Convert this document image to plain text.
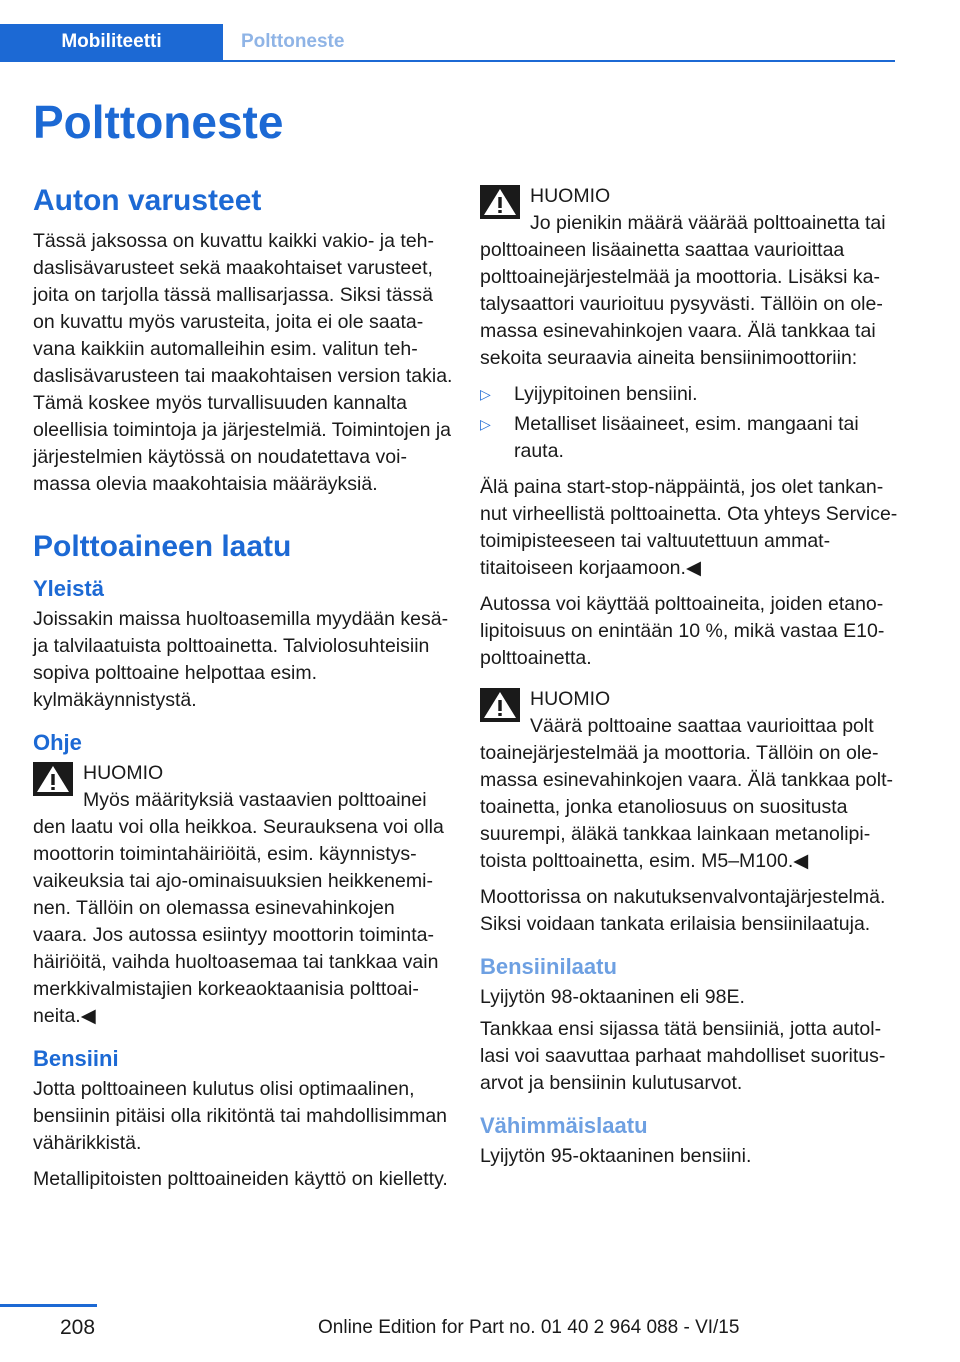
Mobiliteetti	Polttoneste
Polttoneste
Auton varusteet

Tässä jaksossa on kuvattu kaikki vakio- ja tehdaslisävarusteet sekä maakohtaiset varusteet, joita on tarjolla tässä mallisarjassa. Siksi tässä on kuvattu myös varusteita, joita ei ole saatavana kaikkiin automalleihin esim. valitun tehdaslisävarusteen tai maakohtaisen version takia. Tämä koskee myös turvallisuuden kannalta oleellisia toimintoja ja järjestelmiä. Toimintojen ja järjestelmien käytössä on noudatettava voimassa olevia maakohtaisia määräyksiä.

Polttoaineen laatu
Yleistä

Joissakin maissa huoltoasemilla myydään kesä- ja talvilaatuista polttoainetta. Talviolosuhteisiin sopiva polttoaine helpottaa esim. kylmäkäynnistystä.

Ohje
HUOMIO
Myös määrityksiä vastaavien polttoainei

den laatu voi olla heikkoa. Seurauksena voi olla moottorin toimintahäiriöitä, esim. käynnistysvaikeuksia tai ajo-ominaisuuksien heikkeneminen. Tällöin on olemassa esinevahinkojen vaara. Jos autossa esiintyy moottorin toimintahäiriöitä, vaihda huoltoasemaa tai tankkaa vain merkkivalmistajien korkeaoktaanisia polttoaineita.◀

Bensiini

Jotta polttoaineen kulutus olisi optimaalinen, bensiinin pitäisi olla rikitöntä tai mahdollisimman vähärikkistä.

Metallipitoisten polttoaineiden käyttö on kielletty.

HUOMIO
Jo pienikin määrä väärää polttoainetta tai

polttoaineen lisäainetta saattaa vaurioittaa polttoainejärjestelmää ja moottoria. Lisäksi katalysaattori vaurioituu pysyvästi. Tällöin on olemassa esinevahinkojen vaara. Älä tankkaa tai sekoita seuraavia aineita bensiinimoottoriin:

▷ Lyijypitoinen bensiini.
▷ Metalliset lisäaineet, esim. mangaani tai rauta.

Älä paina start-stop-näppäintä, jos olet tankannut virheellistä polttoainetta. Ota yhteys Service-toimipisteeseen tai valtuutettuun ammattitaitoiseen korjaamoon.◀

Autossa voi käyttää polttoaineita, joiden etanolipitoisuus on enintään 10 %, mikä vastaa E10-polttoainetta.

HUOMIO
Väärä polttoaine saattaa vaurioittaa polt

toainejärjestelmää ja moottoria. Tällöin on olemassa esinevahinkojen vaara. Älä tankkaa polttoainetta, jonka etanoliosuus on suositusta suurempi, äläkä tankkaa lainkaan metanolipitoista polttoainetta, esim. M5–M100.◀

Moottorissa on nakutuksenvalvontajärjestelmä. Siksi voidaan tankata erilaisia bensiinilaatuja.

Bensiinilaatu

Lyijytön 98-oktaaninen eli 98E.

Tankkaa ensi sijassa tätä bensiiniä, jotta autollasi voi saavuttaa parhaat mahdolliset suoritusarvot ja bensiinin kulutusarvot.

Vähimmäislaatu

Lyijytön 95-oktaaninen bensiini.

208	Online Edition for Part no. 01 40 2 964 088 - VI/15
